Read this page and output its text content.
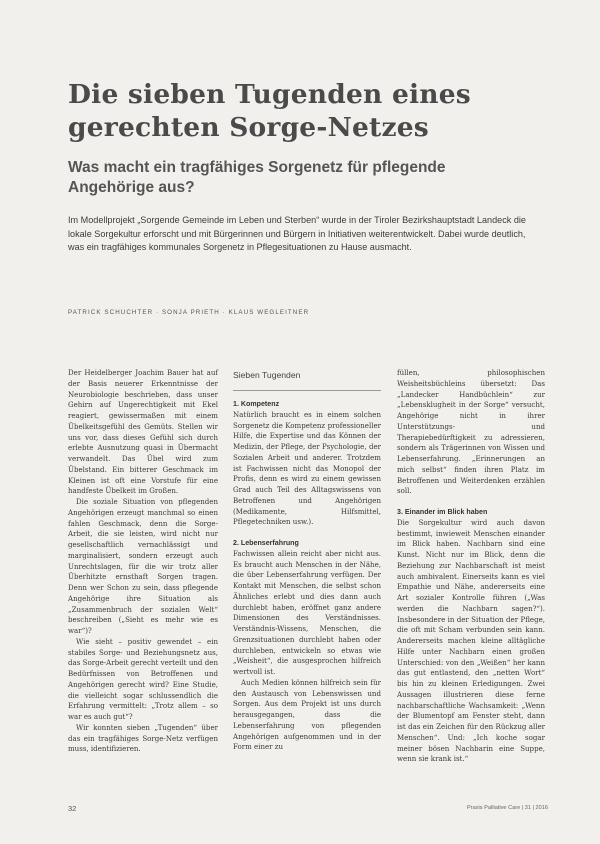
Die sieben Tugenden eines gerechten Sorge-Netzes
Was macht ein tragfähiges Sorgenetz für pflegende Angehörige aus?

Im Modellprojekt „Sorgende Gemeinde im Leben und Sterben“ wurde in der Tiroler Bezirkshauptstadt Landeck die lokale Sorgekultur erforscht und mit Bürgerinnen und Bürgern in Initiativen weiterentwickelt. Dabei wurde deutlich, was ein tragfähiges kommunales Sorgenetz in Pflegesituationen zu Hause ausmacht.

PATRICK SCHUCHTER · SONJA PRIETH · KLAUS WEGLEITNER

Der Heidelberger Joachim Bauer hat auf der Basis neuerer Erkenntnisse der Neurobiologie beschrieben, dass unser Gehirn auf Ungerechtigkeit mit Ekel reagiert, gewissermaßen mit einem Übelkeitsgefühl des Gemüts. Stellen wir uns vor, dass dieses Gefühl sich durch erlebte Ausnutzung quasi in Übermacht verwandelt. Das Übel wird zum Übelstand. Ein bitterer Geschmack im Kleinen ist oft eine Vorstufe für eine handfeste Übelkeit im Großen.

Die soziale Situation von pflegenden Angehörigen erzeugt manchmal so einen fahlen Geschmack, denn die Sorge-Arbeit, die sie leisten, wird nicht nur gesellschaftlich vernachlässigt und marginalisiert, sondern erzeugt auch Unrechtslagen, für die wir trotz aller Überhitzte ernsthaft Sorgen tragen. Denn wer Schon zu sein, dass pflegende Angehörige ihre Situation als „Zusammenbruch der sozialen Welt“ beschreiben („Sieht es mehr wie es war“)?

Wie sieht – positiv gewendet – ein stabiles Sorge- und Beziehungsnetz aus, das Sorge-Arbeit gerecht verteilt und den Bedürfnissen von Betroffenen und Angehörigen gerecht wird? Eine Studie, die vielleicht sogar schlussendlich die Erfahrung vermittelt: „Trotz allem – so war es auch gut“?

Wir konnten sieben „Tugenden“ über das ein tragfähiges Sorge-Netz verfügen muss, identifizieren.

Sieben Tugenden
1. Kompetenz

Natürlich braucht es in einem solchen Sorgenetz die Kompetenz professioneller Hilfe, die Expertise und das Können der Medizin, der Pflege, der Psychologie, der Sozialen Arbeit und anderer. Trotzdem ist Fachwissen nicht das Monopol der Profis, denn es wird zu einem gewissen Grad auch Teil des Alltagswissens von Betroffenen und Angehörigen (Medikamente, Hilfsmittel, Pflegetechniken usw.).

2. Lebenserfahrung

Fachwissen allein reicht aber nicht aus. Es braucht auch Menschen in der Nähe, die über Lebenserfahrung verfügen. Der Kontakt mit Menschen, die selbst schon Ähnliches erlebt und dies dann auch durchlebt haben, eröffnet ganz andere Dimensionen des Verständnisses. Verständnis-Wissens, Menschen, die Grenzsituationen durchlebt haben oder durchleben, entwickeln so etwas wie „Weisheit“, die ausgesprochen hilfreich wertvoll ist.

Auch Medien können hilfreich sein für den Austausch von Lebenswissen und Sorgen. Aus dem Projekt ist uns durch herausgegangen, dass die Lebenserfahrung von pflegenden Angehörigen aufgenommen und in der Form einer zu

füllen, philosophischen Weisheitsbüchleins übersetzt: Das „Landecker Handbüchlein“ zur „Lebensklugheit in der Sorge“ versucht, Angehörige nicht in ihrer Unterstützungs- und Therapiebedürftigkeit zu adressieren, sondern als Trägerinnen von Wissen und Lebenserfahrung. „Erinnerungen an mich selbst“ finden ihren Platz im Betroffenen und Weiterdenken erzählen soll.

3. Einander im Blick haben

Die Sorgekultur wird auch davon bestimmt, inwieweit Menschen einander im Blick haben. Nachbarn sind eine Kunst. Nicht nur im Blick, denn die Beziehung zur Nachbarschaft ist meist auch ambivalent. Einerseits kann es viel Empathie und Nähe, andererseits eine Art sozialer Kontrolle führen („Was werden die Nachbarn sagen?“). Insbesondere in der Situation der Pflege, die oft mit Scham verbunden sein kann. Andererseits machen kleine alltägliche Hilfe unter Nachbarn einen großen Unterschied: von den „Weißen“ her kann das gut entlastend, den „netten Wort“ bis hin zu kleinen Erledigungen. Zwei Aussagen illustrieren diese ferne nachbarschaftliche Wachsamkeit: „Wenn der Blumentopf am Fenster steht, dann ist das ein Zeichen für den Rückzug aller Menschen“. Und: „Ich koche sogar meiner bösen Nachbarin eine Suppe, wenn sie krank ist.“

32	Praxis Palliative Care | 31 | 2016
